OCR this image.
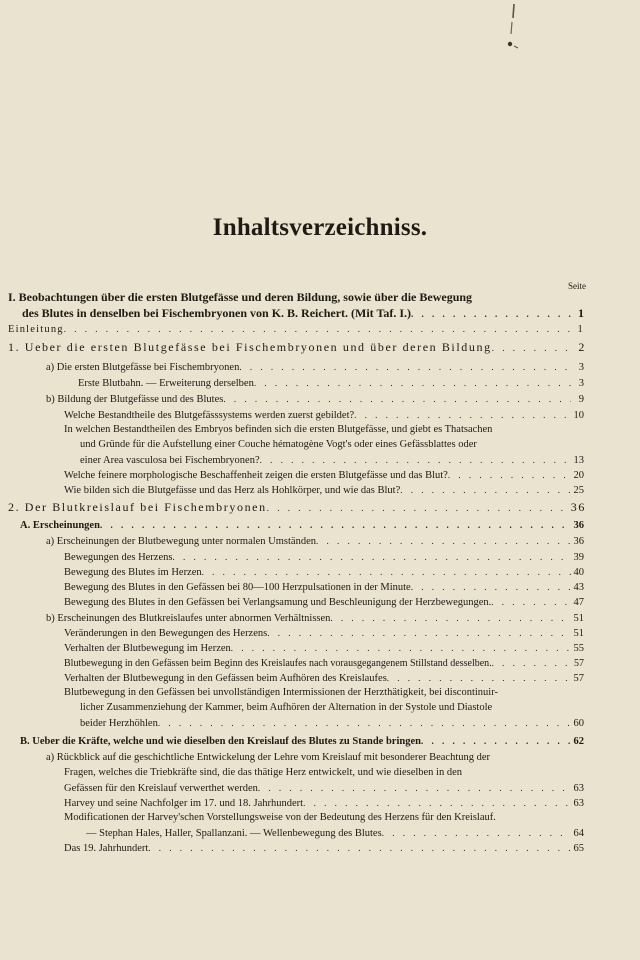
Inhaltsverzeichniss.
Seite
I. Beobachtungen über die ersten Blutgefässe und deren Bildung, sowie über die Bewegung
des Blutes in denselben bei Fischembryonen von K. B. Reichert. (Mit Taf. I.) . . .	1
Einleitung . . .	1
1. Ueber die ersten Blutgefässe bei Fischembryonen und über deren Bildung . . .	2
a) Die ersten Blutgefässe bei Fischembryonen . . .	3
Erste Blutbahn. — Erweiterung derselben . . .	3
b) Bildung der Blutgefässe und des Blutes . . .	9
Welche Bestandtheile des Blutgefässsystems werden zuerst gebildet? . . .	10
In welchen Bestandtheilen des Embryos befinden sich die ersten Blutgefässe, und giebt es Thatsachen
und Gründe für die Aufstellung einer Couche hématogène Vogt's oder eines Gefässblattes oder
einer Area vasculosa bei Fischembryonen? . . .	13
Welche feinere morphologische Beschaffenheit zeigen die ersten Blutgefässe und das Blut? . . .	20
Wie bilden sich die Blutgefässe und das Herz als Hohlkörper, und wie das Blut? . . .	25
2. Der Blutkreislauf bei Fischembryonen . . .	36
A. Erscheinungen . . .	36
a) Erscheinungen der Blutbewegung unter normalen Umständen . . .	36
Bewegungen des Herzens . . .	39
Bewegung des Blutes im Herzen . . .	40
Bewegung des Blutes in den Gefässen bei 80—100 Herzpulsationen in der Minute . . .	43
Bewegung des Blutes in den Gefässen bei Verlangsamung und Beschleunigung der Herzbewegungen. . . .	47
b) Erscheinungen des Blutkreislaufes unter abnormen Verhältnissen . . .	51
Veränderungen in den Bewegungen des Herzens . . .	51
Verhalten der Blutbewegung im Herzen . . .	55
Blutbewegung in den Gefässen beim Beginn des Kreislaufes nach vorausgegangenem Stillstand desselben. . . .	57
Verhalten der Blutbewegung in den Gefässen beim Aufhören des Kreislaufes . . .	57
Blutbewegung in den Gefässen bei unvollständigen Intermissionen der Herzthätigkeit, bei discontinuir-
licher Zusammenziehung der Kammer, beim Aufhören der Alternation in der Systole und Diastole
beider Herzhöhlen . . .	60
B. Ueber die Kräfte, welche und wie dieselben den Kreislauf des Blutes zu Stande bringen . . .	62
a) Rückblick auf die geschichtliche Entwickelung der Lehre vom Kreislauf mit besonderer Beachtung der
Fragen, welches die Triebkräfte sind, die das thätige Herz entwickelt, und wie dieselben in den
Gefässen für den Kreislauf verwerthet werden . . .	63
Harvey und seine Nachfolger im 17. und 18. Jahrhundert . . .	63
Modificationen der Harvey'schen Vorstellungsweise von der Bedeutung des Herzens für den Kreislauf.
— Stephan Hales, Haller, Spallanzani. — Wellenbewegung des Blutes . . .	64
Das 19. Jahrhundert . . .	65
